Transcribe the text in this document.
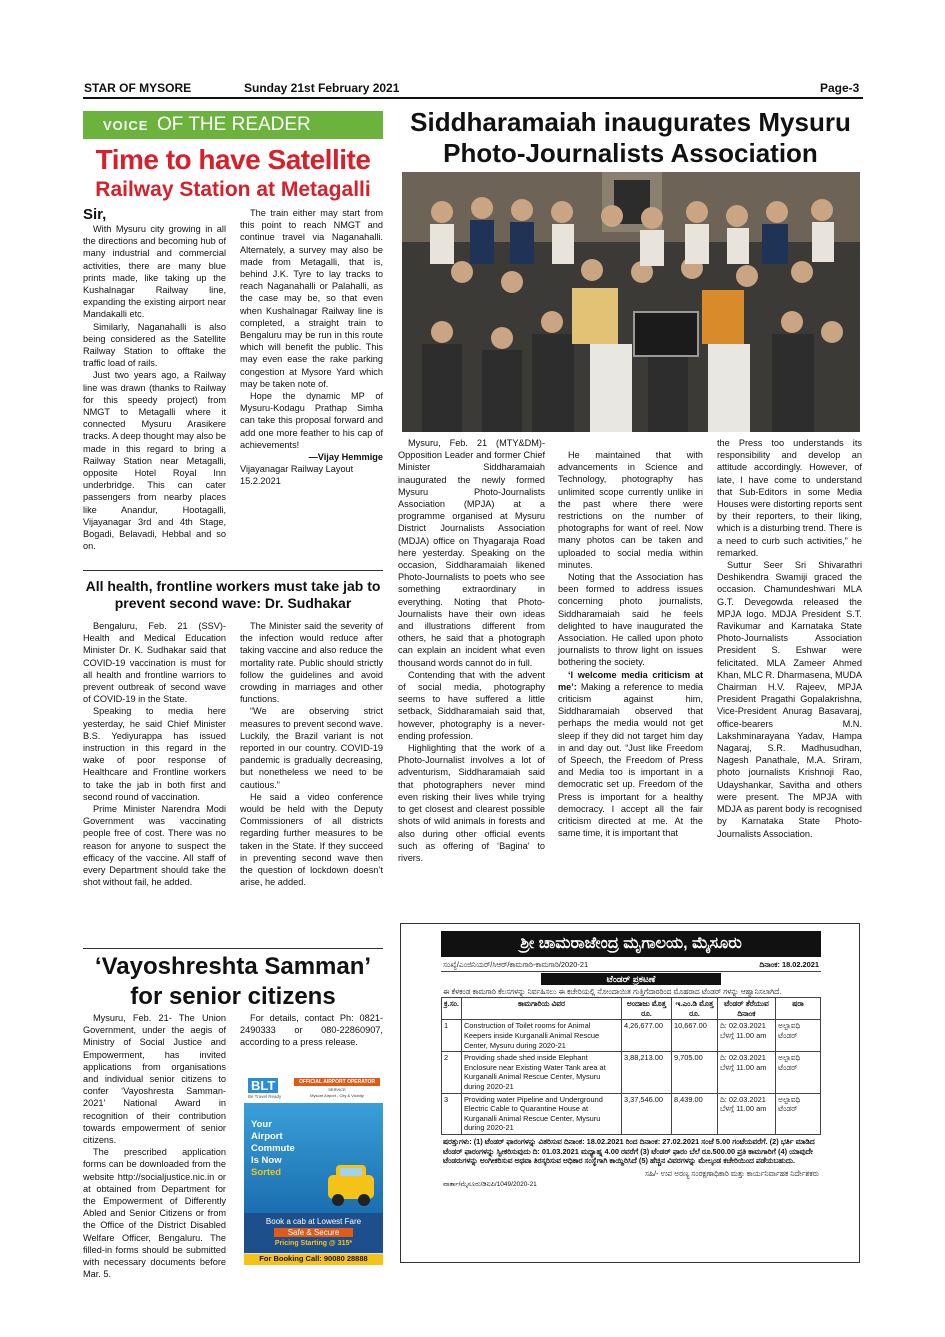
STAR OF MYSORE	Sunday 21st February 2021	Page-3
VOICE OF THE READER
Time to have Satellite
Railway Station at Metagalli

Sir,

With Mysuru city growing in all the directions and becoming hub of many industrial and commercial activities, there are many blue prints made, like taking up the Kushalnagar Railway line, expanding the existing airport near Mandakalli etc.

Similarly, Naganahalli is also being considered as the Satellite Railway Station to offtake the traffic load of rails.

Just two years ago, a Railway line was drawn (thanks to Railway for this speedy project) from NMGT to Metagalli where it connected Mysuru Arasikere tracks. A deep thought may also be made in this regard to bring a Railway Station near Metagalli, opposite Hotel Royal Inn underbridge. This can cater passengers from nearby places like Anandur, Hootagalli, Vijayanagar 3rd and 4th Stage, Bogadi, Belavadi, Hebbal and so on.

The train either may start from this point to reach NMGT and continue travel via Naganahalli. Alternately, a survey may also be made from Metagalli, that is, behind J.K. Tyre to lay tracks to reach Naganahalli or Palahalli, as the case may be, so that even when Kushalnagar Railway line is completed, a straight train to Bengaluru may be run in this route which will benefit the public. This may even ease the rake parking congestion at Mysore Yard which may be taken note of.

Hope the dynamic MP of Mysuru-Kodagu Prathap Simha can take this proposal forward and add one more feather to his cap of achievements!

—Vijay Hemmige

Vijayanagar Railway Layout

15.2.2021

All health, frontline workers must take jab to prevent second wave: Dr. Sudhakar

Bengaluru, Feb. 21 (SSV)- Health and Medical Education Minister Dr. K. Sudhakar said that COVID-19 vaccination is must for all health and frontline warriors to prevent outbreak of second wave of COVID-19 in the State.

Speaking to media here yesterday, he said Chief Minister B.S. Yediyurappa has issued instruction in this regard in the wake of poor response of Healthcare and Frontline workers to take the jab in both first and second round of vaccination.

Prime Minister Narendra Modi Government was vaccinating people free of cost. There was no reason for anyone to suspect the efficacy of the vaccine. All staff of every Department should take the shot without fail, he added.

The Minister said the severity of the infection would reduce after taking vaccine and also reduce the mortality rate. Public should strictly follow the guidelines and avoid crowding in marriages and other functions.

“We are observing strict measures to prevent second wave. Luckily, the Brazil variant is not reported in our country. COVID-19 pandemic is gradually decreasing, but nonetheless we need to be cautious.”

He said a video conference would be held with the Deputy Commissioners of all districts regarding further measures to be taken in the State. If they succeed in preventing second wave then the question of lockdown doesn’t arise, he added.

‘Vayoshreshta Samman’
for senior citizens

Mysuru, Feb. 21- The Union Government, under the aegis of Ministry of Social Justice and Empowerment, has invited applications from organisations and individual senior citizens to confer ‘Vayoshresta Samman-2021’ National Award in recognition of their contribution towards empowerment of senior citizens.

The prescribed application forms can be downloaded from the website http://socialjustice.nic.in or at obtained from Department for the Empowerment of Differently Abled and Senior Citizens or from the Office of the District Disabled Welfare Officer, Bengaluru. The filled-in forms should be submitted with necessary documents before Mar. 5.

For details, contact Ph: 0821-2490333 or 080-22860907, according to a press release.

BLT
Be Travel Ready
OFFICIAL AIRPORT OPERATOR
SERVICE
Mysore Airport - City & Vicinity
Your
Airport
Commute
Is Now
Sorted
Book a cab at Lowest Fare
Safe & Secure
Pricing Starting @ 315*
For Booking Call: 90080 28888
Siddharamaiah inaugurates Mysuru
Photo-Journalists Association

Mysuru, Feb. 21 (MTY&DM)- Opposition Leader and former Chief Minister Siddharamaiah inaugurated the newly formed Mysuru Photo-Journalists Association (MPJA) at a programme organised at Mysuru District Journalists Association (MDJA) office on Thyagaraja Road here yesterday. Speaking on the occasion, Siddharamaiah likened Photo-Journalists to poets who see something extraordinary in everything. Noting that Photo-Journalists have their own ideas and illustrations different from others, he said that a photograph can explain an incident what even thousand words cannot do in full.

Contending that with the advent of social media, photography seems to have suffered a little setback, Siddharamaiah said that, however, photography is a never-ending profession.

Highlighting that the work of a Photo-Journalist involves a lot of adventurism, Siddharamaiah said that photographers never mind even risking their lives while trying to get closest and clearest possible shots of wild animals in forests and also during other official events such as offering of ‘Bagina’ to rivers.

He maintained that with advancements in Science and Technology, photography has unlimited scope currently unlike in the past where there were restrictions on the number of photographs for want of reel. Now many photos can be taken and uploaded to social media within minutes.

Noting that the Association has been formed to address issues concerning photo journalists, Siddharamaiah said he feels delighted to have inaugurated the Association. He called upon photo journalists to throw light on issues bothering the society.

‘I welcome media criticism at me’: Making a reference to media criticism against him, Siddharamaiah observed that perhaps the media would not get sleep if they did not target him day in and day out. “Just like Freedom of Speech, the Freedom of Press and Media too is important in a democratic set up. Freedom of the Press is important for a healthy democracy. I accept all the fair criticism directed at me. At the same time, it is important that

the Press too understands its responsibility and develop an attitude accordingly. However, of late, I have come to understand that Sub-Editors in some Media Houses were distorting reports sent by their reporters, to their liking, which is a disturbing trend. There is a need to curb such activities,” he remarked.

Suttur Seer Sri Shivarathri Deshikendra Swamiji graced the occasion. Chamundeshwari MLA G.T. Devegowda released the MPJA logo. MDJA President S.T. Ravikumar and Karnataka State Photo-Journalists Association President S. Eshwar were felicitated. MLA Zameer Ahmed Khan, MLC R. Dharmasena, MUDA Chairman H.V. Rajeev, MPJA President Pragathi Gopalakrishna, Vice-President Anurag Basavaraj, office-bearers M.N. Lakshminarayana Yadav, Hampa Nagaraj, S.R. Madhusudhan, Nagesh Panathale, M.A. Sriram, photo journalists Krishnoji Rao, Udayshankar, Savitha and others were present. The MPJA with MDJA as parent body is recognised by Karnataka State Photo-Journalists Association.

ಶ್ರೀ ಚಾಮರಾಜೇಂದ್ರ ಮೃಗಾಲಯ, ಮೈಸೂರು
ಸಂಖ್ಯೆ/ಎಂಜಿನಿಯರ್/ಸಿಆರ್/ಕಾಮಗಾರಿ-ಕಾಮಗಾರಿ/2020-21	ದಿನಾಂಕ: 18.02.2021
ಟೆಂಡರ್ ಪ್ರಕಟಣೆ
ಈ ಕೆಳಕಂಡ ಕಾಮಗಾರಿ ಕೆಲಸಗಳನ್ನು ನಿರ್ವಹಿಸಲು ಈ ಕಚೇರಿಯಲ್ಲಿ ನೋಂದಾಯಿತ ಗುತ್ತಿಗೆದಾರರಿಂದ ಮೊಹರಾದ ಟೆಂಡರ್ ಗಳನ್ನು ಆಹ್ವಾನಿಸಲಾಗಿದೆ.
ಕ್ರ.ಸಂ.	ಕಾಮಗಾರಿಯ ವಿವರ	ಅಂದಾಜು ಮೊತ್ತ ರೂ.	ಇ.ಎಂ.ಡಿ ಮೊತ್ತ ರೂ.	ಟೆಂಡರ್ ತೆರೆಯುವ ದಿನಾಂಕ	ಷರಾ
1	Construction of Toilet rooms for Animal Keepers inside Kurganalli Animal Rescue Center, Mysuru during 2020-21	4,26,677.00	10,667.00	ದಿ: 02.03.2021 ಬೆಳಗ್ಗೆ 11.00 am	ಅಲ್ಪಾವಧಿ ಟೆಂಡರ್
2	Providing shade shed inside Elephant Enclosure near Existing Water Tank area at Kurganalli Animal Rescue Center, Mysuru during 2020-21	3,88,213.00	9,705.00	ದಿ: 02.03.2021 ಬೆಳಗ್ಗೆ 11.00 am	ಅಲ್ಪಾವಧಿ ಟೆಂಡರ್
3	Providing water Pipeline and Underground Electric Cable to Quarantine House at Kurganalli Animal Rescue Center, Mysuru during 2020-21	3,37,546.00	8,439.00	ದಿ: 02.03.2021 ಬೆಳಗ್ಗೆ 11.00 am	ಅಲ್ಪಾವಧಿ ಟೆಂಡರ್
ಷರತ್ತುಗಳು: (1) ಟೆಂಡರ್ ಫಾರಂಗಳನ್ನು ವಿತರಿಸುವ ದಿನಾಂಕ: 18.02.2021 ರಿಂದ ದಿನಾಂಕ: 27.02.2021 ಸಂಜೆ 5.00 ಗಂಟೆಯವರೆಗೆ. (2) ಭರ್ತಿ ಮಾಡಿದ ಟೆಂಡರ್ ಫಾರಂಗಳನ್ನು ಸ್ವೀಕರಿಸುವುದು ದಿ: 01.03.2021 ಮಧ್ಯಾಹ್ನ 4.00 ರವರೆಗೆ (3) ಟೆಂಡರ್ ಫಾರಂ ಬೆಲೆ ರೂ.500.00 ಪ್ರತಿ ಕಾಮಗಾರಿಗೆ (4) ಯಾವುದೇ ಟೆಂಡರುಗಳನ್ನು ಅಂಗೀಕರಿಸುವ ಅಥವಾ ತಿರಸ್ಕರಿಸುವ ಅಧಿಕಾರ ಸಂಸ್ಥೆಗಾಗಿ ಕಾಯ್ದಿರಿಸಿದೆ (5) ಹೆಚ್ಚಿನ ವಿವರಗಳನ್ನು ಮೇಲ್ಕಂಡ ಕಚೇರಿಯಿಂದ ಪಡೆಯಬಹುದು.
ಸಹಿ/- ಉಪ ಅರಣ್ಯ ಸಂರಕ್ಷಣಾಧಿಕಾರಿ ಮತ್ತು ಕಾರ್ಯನಿರ್ವಾಹಕ ನಿರ್ದೇಶಕರು
ವಾರ್ತಾ/ಮೈಸೂರು/ಡಿಐಪಿ/1049/2020-21
